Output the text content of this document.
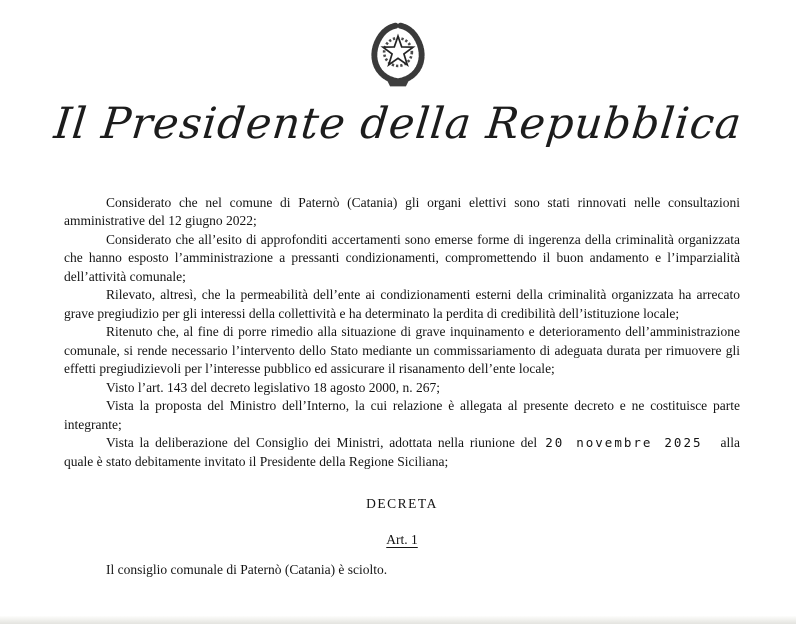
Il Presidente della Repubblica

Considerato che nel comune di Paternò (Catania) gli organi elettivi sono stati rinnovati nelle consultazioni amministrative del 12 giugno 2022;

Considerato che all’esito di approfonditi accertamenti sono emerse forme di ingerenza della criminalità organizzata che hanno esposto l’amministrazione a pressanti condizionamenti, compromettendo il buon andamento e l’imparzialità dell’attività comunale;

Rilevato, altresì, che la permeabilità dell’ente ai condizionamenti esterni della criminalità organizzata ha arrecato grave pregiudizio per gli interessi della collettività e ha determinato la perdita di credibilità dell’istituzione locale;

Ritenuto che, al fine di porre rimedio alla situazione di grave inquinamento e deterioramento dell’amministrazione comunale, si rende necessario l’intervento dello Stato mediante un commissariamento di adeguata durata per rimuovere gli effetti pregiudizievoli per l’interesse pubblico ed assicurare il risanamento dell’ente locale;

Visto l’art. 143 del decreto legislativo 18 agosto 2000, n. 267;

Vista la proposta del Ministro dell’Interno, la cui relazione è allegata al presente decreto e ne costituisce parte integrante;

Vista la deliberazione del Consiglio dei Ministri, adottata nella riunione del 20 novembre 2025 alla quale è stato debitamente invitato il Presidente della Regione Siciliana;

DECRETA

Art. 1

Il consiglio comunale di Paternò (Catania) è sciolto.
